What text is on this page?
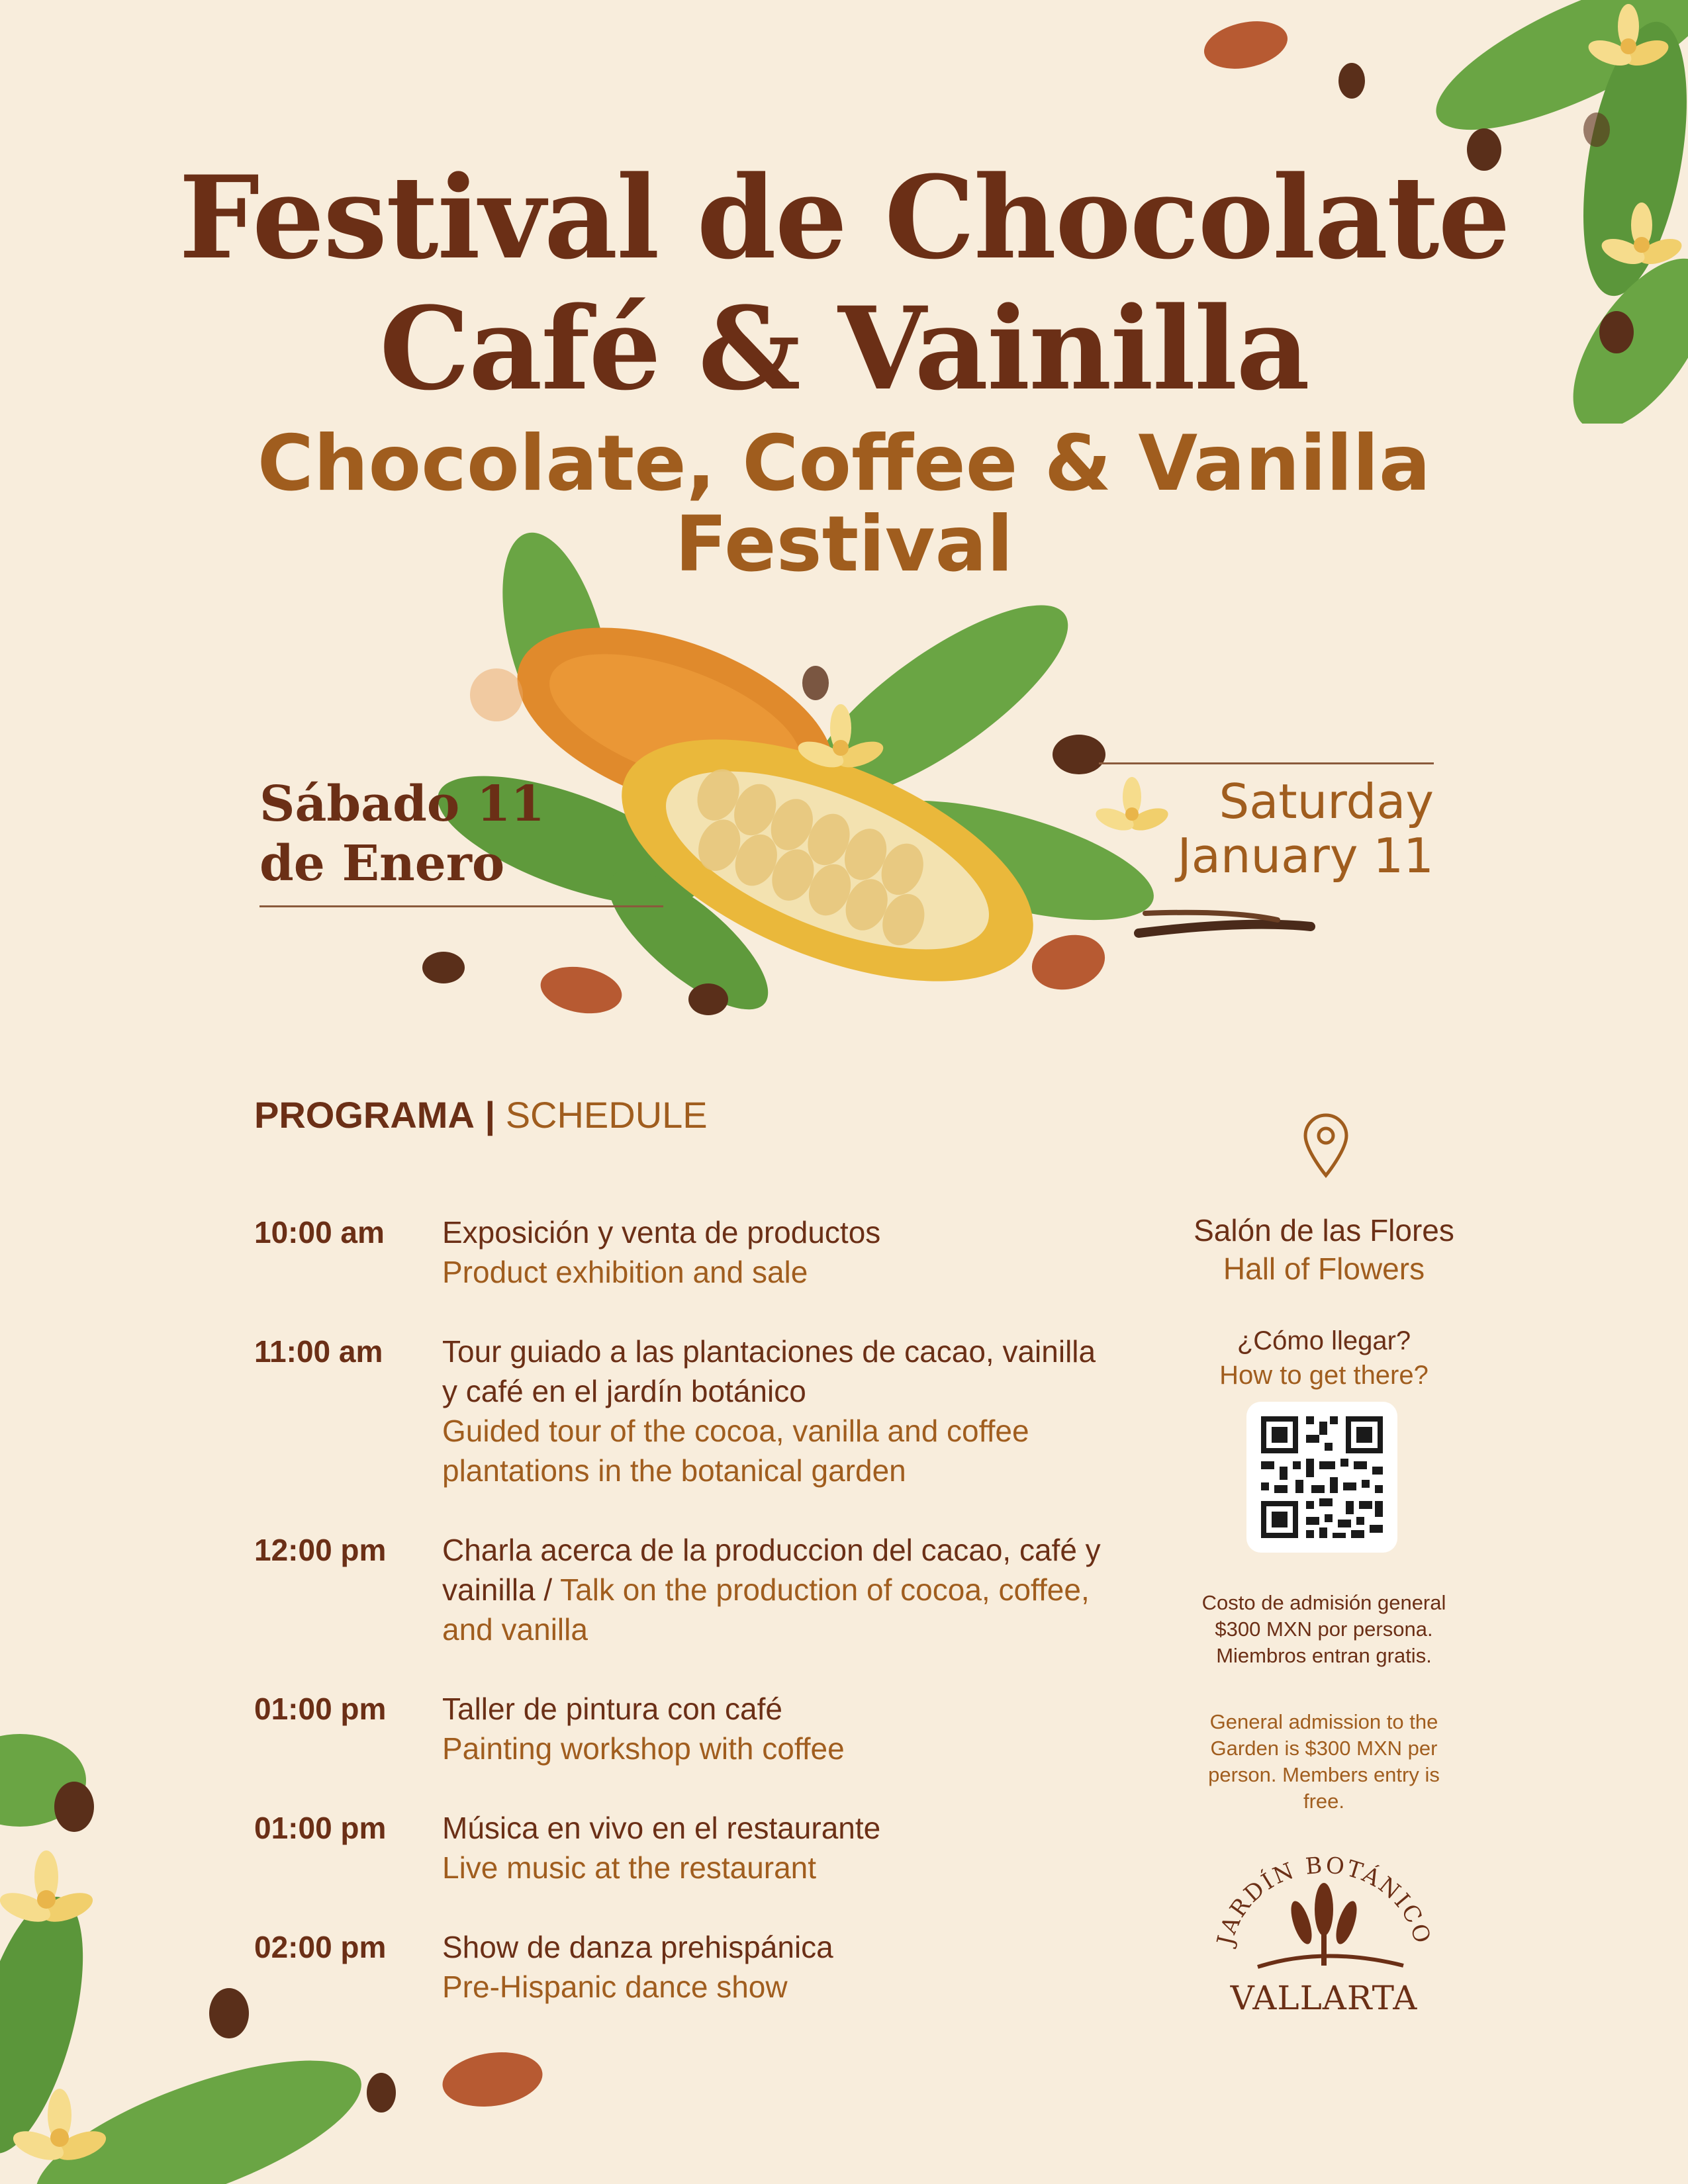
Festival de Chocolate
Café & Vainilla
Chocolate, Coffee & Vanilla
Festival
Sábado 11
de Enero
Saturday
January 11
PROGRAMA | SCHEDULE
10:00 am	Exposición y venta de productos
Product exhibition and sale
11:00 am	Tour guiado a las plantaciones de cacao, vainilla y café en el jardín botánico
Guided tour of the cocoa, vanilla and coffee plantations in the botanical garden
12:00 pm	Charla acerca de la produccion del cacao, café y vainilla / Talk on the production of cocoa, coffee, and vanilla
01:00 pm	Taller de pintura con café
Painting workshop with coffee
01:00 pm	Música en vivo en el restaurante
Live music at the restaurant
02:00 pm	Show de danza prehispánica
Pre-Hispanic dance show
Salón de las Flores
Hall of Flowers
¿Cómo llegar?
How to get there?
Costo de admisión general $300 MXN por persona. Miembros entran gratis.
General admission to the Garden is $300 MXN per person. Members entry is free.
JARDÍN BOTÁNICO
VALLARTA
